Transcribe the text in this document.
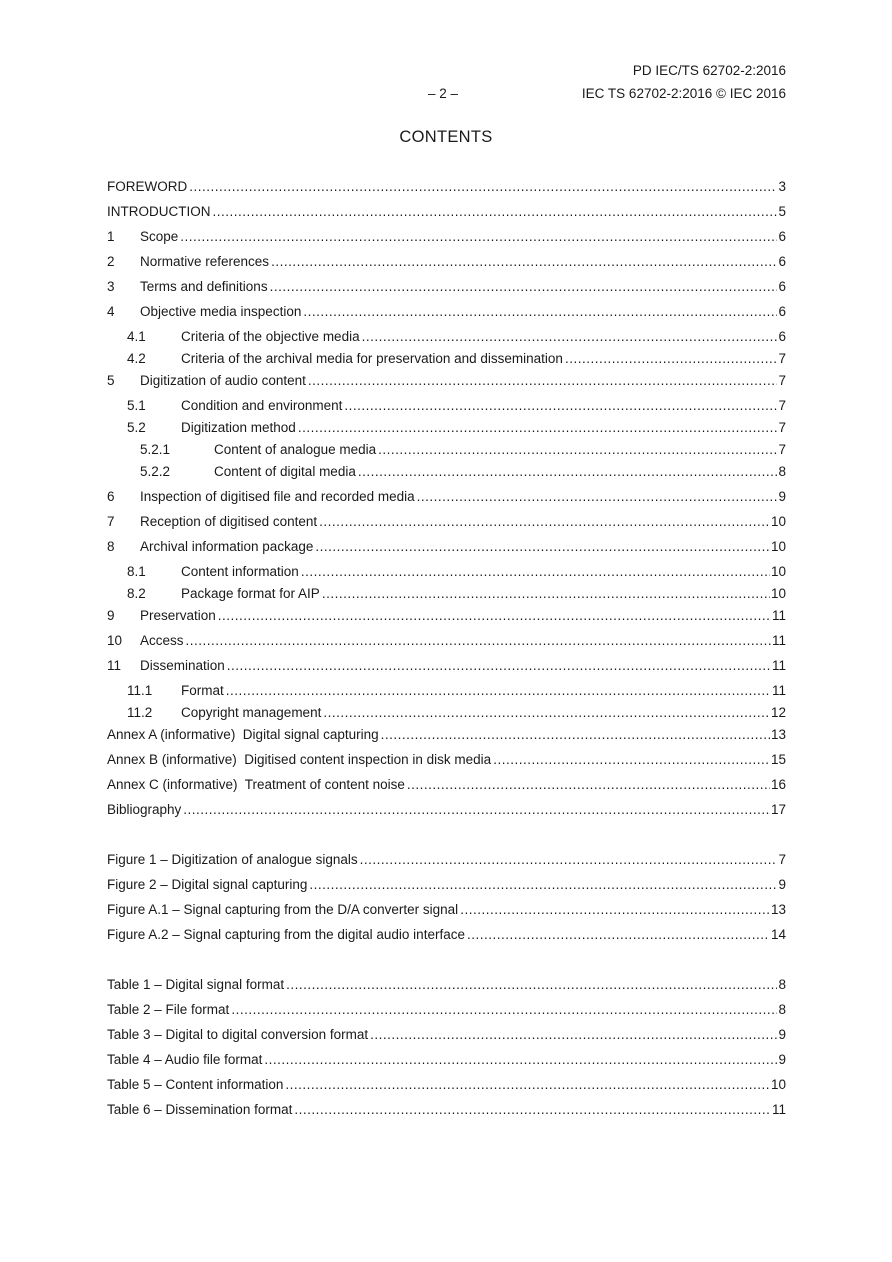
PD IEC/TS 62702-2:2016
– 2 –	IEC TS 62702-2:2016 © IEC 2016
CONTENTS
FOREWORD .....	3
INTRODUCTION .....	5
1	Scope .....	6
2	Normative references .....	6
3	Terms and definitions .....	6
4	Objective media inspection .....	6
4.1	Criteria of the objective media .....	6
4.2	Criteria of the archival media for preservation and dissemination .....	7
5	Digitization of audio content .....	7
5.1	Condition and environment .....	7
5.2	Digitization method .....	7
5.2.1	Content of analogue media .....	7
5.2.2	Content of digital media .....	8
6	Inspection of digitised file and recorded media .....	9
7	Reception of digitised content .....	10
8	Archival information package .....	10
8.1	Content information .....	10
8.2	Package format for AIP .....	10
9	Preservation .....	11
10	Access .....	11
11	Dissemination .....	11
11.1	Format .....	11
11.2	Copyright management .....	12
Annex A (informative)  Digital signal capturing .....	13
Annex B (informative)  Digitised content inspection in disk media .....	15
Annex C (informative)  Treatment of content noise .....	16
Bibliography .....	17
Figure 1 – Digitization of analogue signals .....	7
Figure 2 – Digital signal capturing .....	9
Figure A.1 – Signal capturing from the D/A converter signal .....	13
Figure A.2 – Signal capturing from the digital audio interface .....	14
Table 1 – Digital signal format .....	8
Table 2 – File format .....	8
Table 3 – Digital to digital conversion format .....	9
Table 4 – Audio file format .....	9
Table 5 – Content information .....	10
Table 6 – Dissemination format .....	11
